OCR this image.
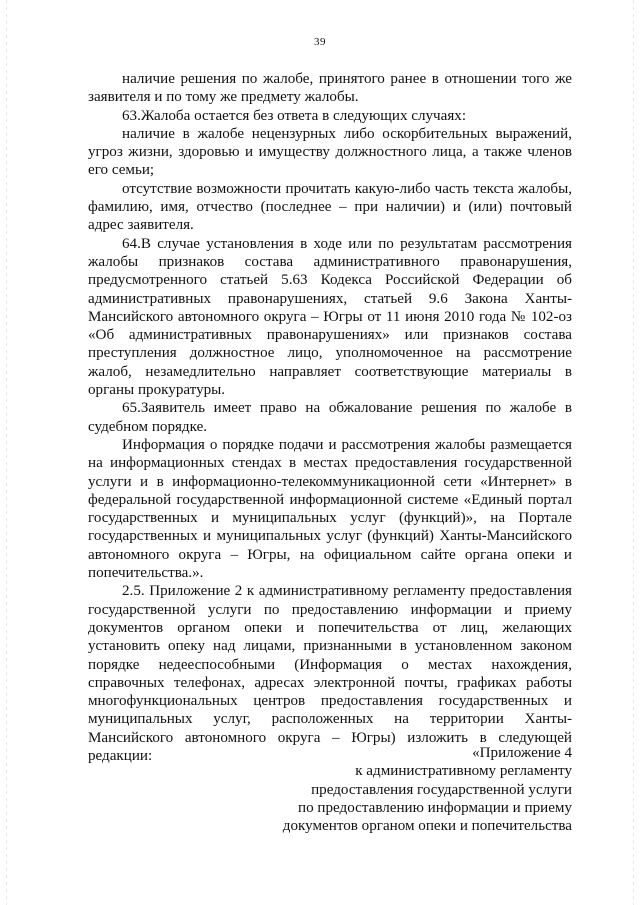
39

наличие решения по жалобе, принятого ранее в отношении того же заявителя и по тому же предмету жалобы.

63.Жалоба остается без ответа в следующих случаях:

наличие в жалобе нецензурных либо оскорбительных выражений, угроз жизни, здоровью и имуществу должностного лица, а также членов его семьи;

отсутствие возможности прочитать какую-либо часть текста жалобы, фамилию, имя, отчество (последнее – при наличии) и (или) почтовый адрес заявителя.

64.В случае установления в ходе или по результатам рассмотрения жалобы признаков состава административного правонарушения, предусмотренного статьей 5.63 Кодекса Российской Федерации об административных правонарушениях, статьей 9.6 Закона Ханты-Мансийского автономного округа – Югры от 11 июня 2010 года № 102-оз «Об административных правонарушениях» или признаков состава преступления должностное лицо, уполномоченное на рассмотрение жалоб, незамедлительно направляет соответствующие материалы в органы прокуратуры.

65.Заявитель имеет право на обжалование решения по жалобе в судебном порядке.

Информация о порядке подачи и рассмотрения жалобы размещается на информационных стендах в местах предоставления государственной услуги и в информационно-телекоммуникационной сети «Интернет» в федеральной государственной информационной системе «Единый портал государственных и муниципальных услуг (функций)», на Портале государственных и муниципальных услуг (функций) Ханты-Мансийского автономного округа – Югры, на официальном сайте органа опеки и попечительства.».

2.5. Приложение 2 к административному регламенту предоставления государственной услуги по предоставлению информации и приему документов органом опеки и попечительства от лиц, желающих установить опеку над лицами, признанными в установленном законом порядке недееспособными (Информация о местах нахождения, справочных телефонах, адресах электронной почты, графиках работы многофункциональных центров предоставления государственных и муниципальных услуг, расположенных на территории Ханты-Мансийского автономного округа – Югры) изложить в следующей редакции:	«Приложение 4
к административному регламенту
предоставления государственной услуги
по предоставлению информации и приему
документов органом опеки и попечительства
